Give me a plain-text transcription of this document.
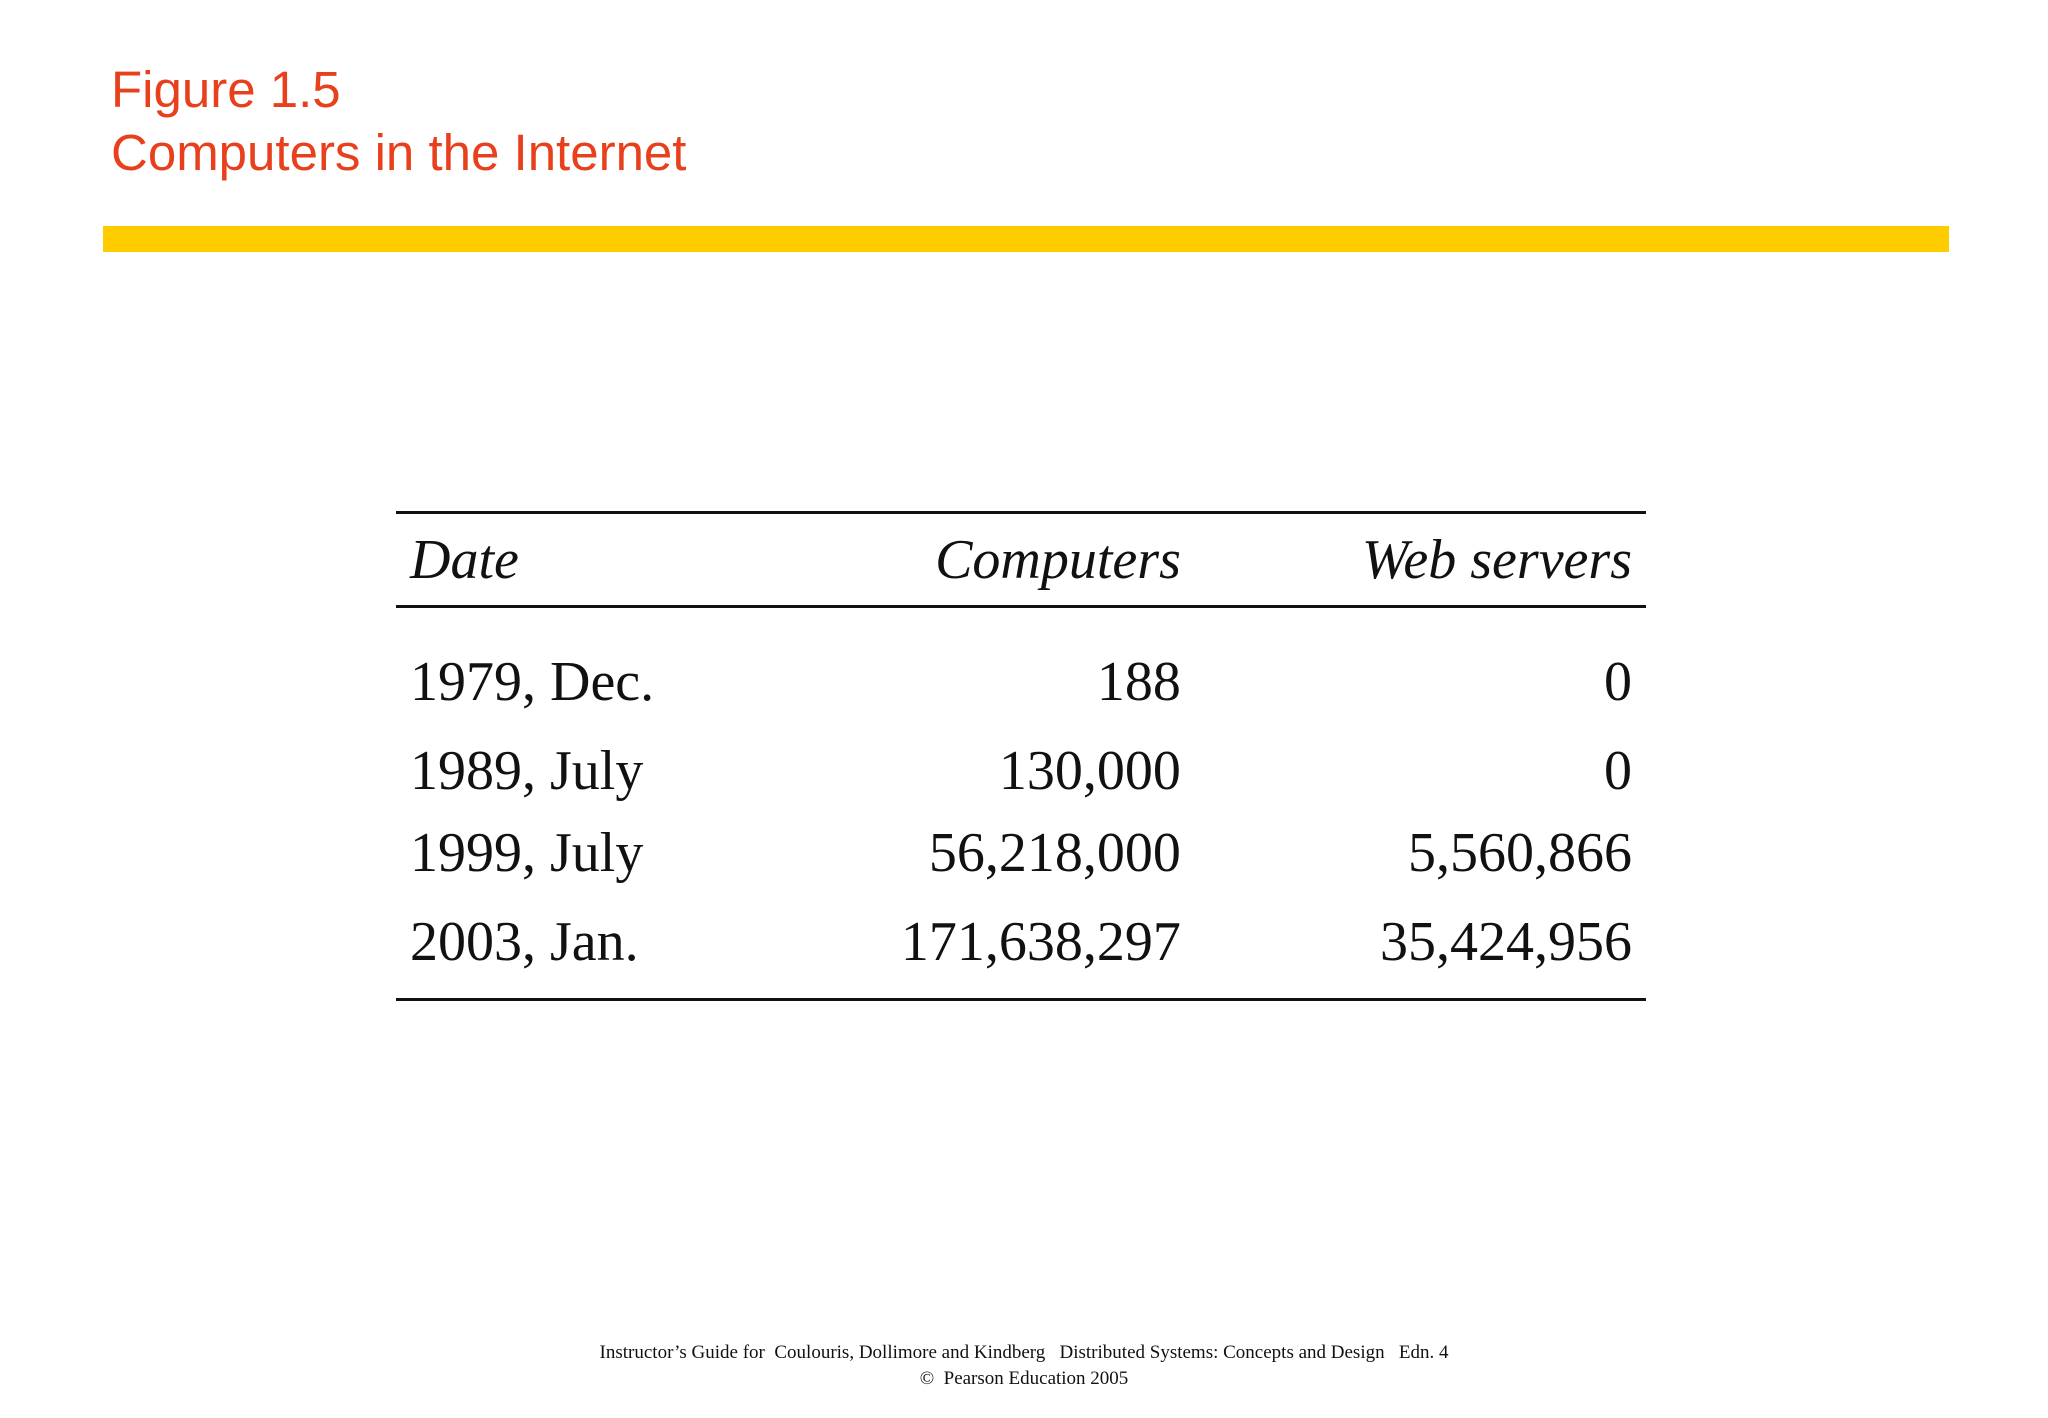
Figure 1.5
Computers in the Internet
Date	Computers	Web servers
1979, Dec.	188	0
1989, July	130,000	0
1999, July	56,218,000	5,560,866
2003, Jan.	171,638,297	35,424,956
Instructor’s Guide for  Coulouris, Dollimore and Kindberg   Distributed Systems: Concepts and Design   Edn. 4
©  Pearson Education 2005
